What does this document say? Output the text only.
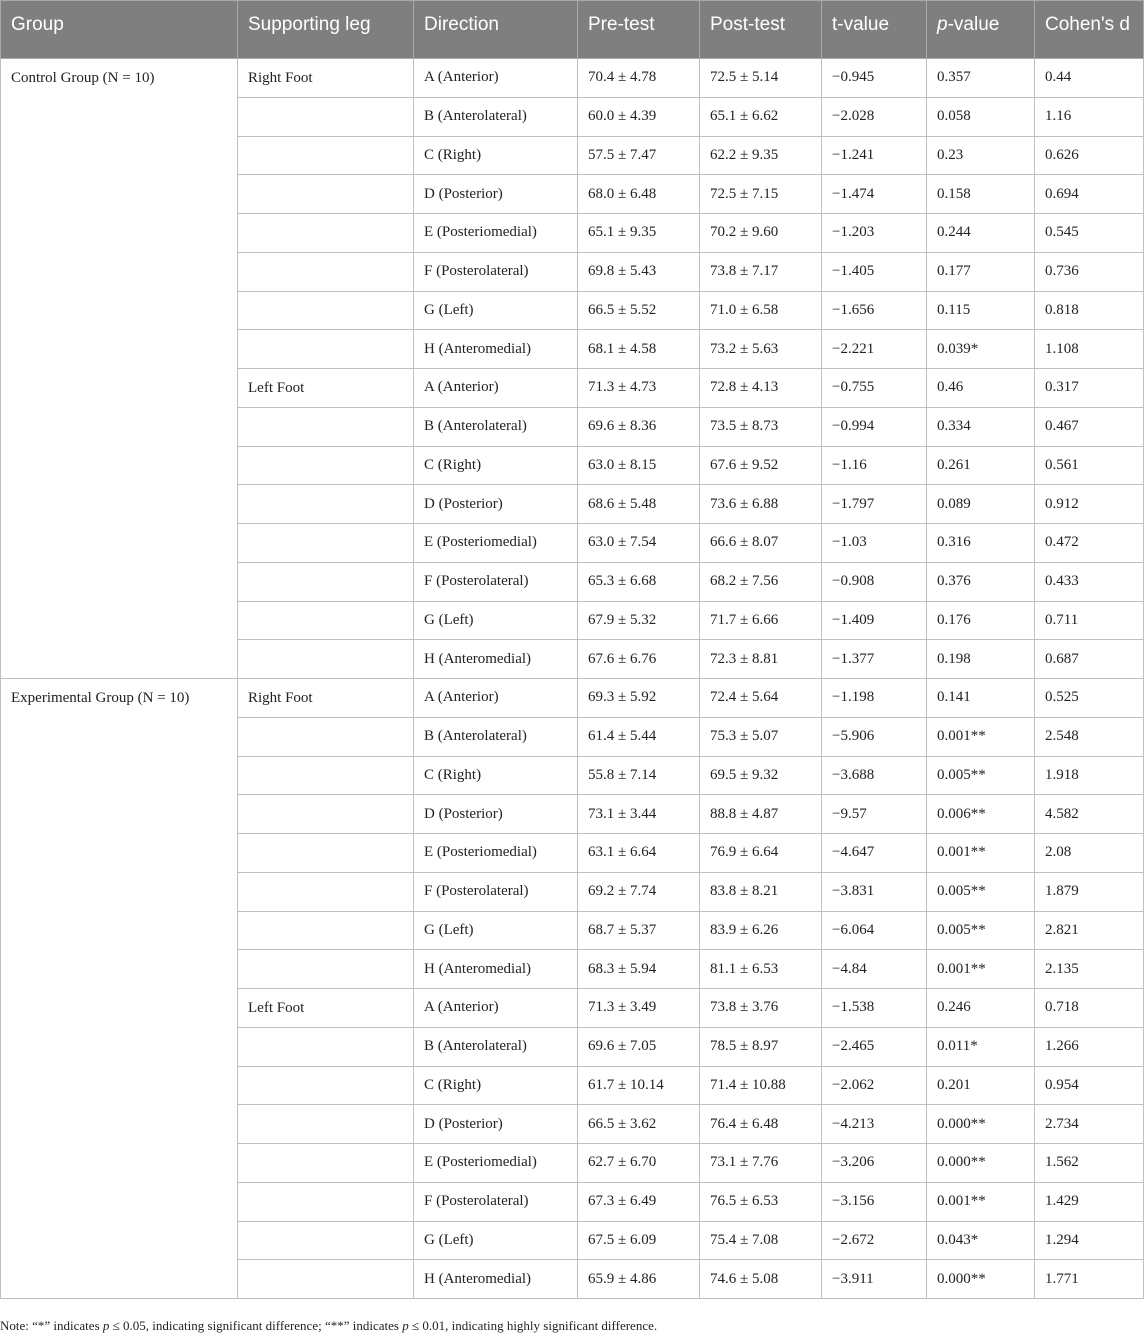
Group	Supporting leg	Direction	Pre-test	Post-test	t-value	p-value	Cohen's d
Control Group (N = 10)	Right Foot	A (Anterior)	70.4 ± 4.78	72.5 ± 5.14	−0.945	0.357	0.44
		B (Anterolateral)	60.0 ± 4.39	65.1 ± 6.62	−2.028	0.058	1.16
		C (Right)	57.5 ± 7.47	62.2 ± 9.35	−1.241	0.23	0.626
		D (Posterior)	68.0 ± 6.48	72.5 ± 7.15	−1.474	0.158	0.694
		E (Posteriomedial)	65.1 ± 9.35	70.2 ± 9.60	−1.203	0.244	0.545
		F (Posterolateral)	69.8 ± 5.43	73.8 ± 7.17	−1.405	0.177	0.736
		G (Left)	66.5 ± 5.52	71.0 ± 6.58	−1.656	0.115	0.818
		H (Anteromedial)	68.1 ± 4.58	73.2 ± 5.63	−2.221	0.039*	1.108
	Left Foot	A (Anterior)	71.3 ± 4.73	72.8 ± 4.13	−0.755	0.46	0.317
		B (Anterolateral)	69.6 ± 8.36	73.5 ± 8.73	−0.994	0.334	0.467
		C (Right)	63.0 ± 8.15	67.6 ± 9.52	−1.16	0.261	0.561
		D (Posterior)	68.6 ± 5.48	73.6 ± 6.88	−1.797	0.089	0.912
		E (Posteriomedial)	63.0 ± 7.54	66.6 ± 8.07	−1.03	0.316	0.472
		F (Posterolateral)	65.3 ± 6.68	68.2 ± 7.56	−0.908	0.376	0.433
		G (Left)	67.9 ± 5.32	71.7 ± 6.66	−1.409	0.176	0.711
		H (Anteromedial)	67.6 ± 6.76	72.3 ± 8.81	−1.377	0.198	0.687
Experimental Group (N = 10)	Right Foot	A (Anterior)	69.3 ± 5.92	72.4 ± 5.64	−1.198	0.141	0.525
		B (Anterolateral)	61.4 ± 5.44	75.3 ± 5.07	−5.906	0.001**	2.548
		C (Right)	55.8 ± 7.14	69.5 ± 9.32	−3.688	0.005**	1.918
		D (Posterior)	73.1 ± 3.44	88.8 ± 4.87	−9.57	0.006**	4.582
		E (Posteriomedial)	63.1 ± 6.64	76.9 ± 6.64	−4.647	0.001**	2.08
		F (Posterolateral)	69.2 ± 7.74	83.8 ± 8.21	−3.831	0.005**	1.879
		G (Left)	68.7 ± 5.37	83.9 ± 6.26	−6.064	0.005**	2.821
		H (Anteromedial)	68.3 ± 5.94	81.1 ± 6.53	−4.84	0.001**	2.135
	Left Foot	A (Anterior)	71.3 ± 3.49	73.8 ± 3.76	−1.538	0.246	0.718
		B (Anterolateral)	69.6 ± 7.05	78.5 ± 8.97	−2.465	0.011*	1.266
		C (Right)	61.7 ± 10.14	71.4 ± 10.88	−2.062	0.201	0.954
		D (Posterior)	66.5 ± 3.62	76.4 ± 6.48	−4.213	0.000**	2.734
		E (Posteriomedial)	62.7 ± 6.70	73.1 ± 7.76	−3.206	0.000**	1.562
		F (Posterolateral)	67.3 ± 6.49	76.5 ± 6.53	−3.156	0.001**	1.429
		G (Left)	67.5 ± 6.09	75.4 ± 7.08	−2.672	0.043*	1.294
		H (Anteromedial)	65.9 ± 4.86	74.6 ± 5.08	−3.911	0.000**	1.771
Note: “*” indicates p ≤ 0.05, indicating significant difference; “**” indicates p ≤ 0.01, indicating highly significant difference.
